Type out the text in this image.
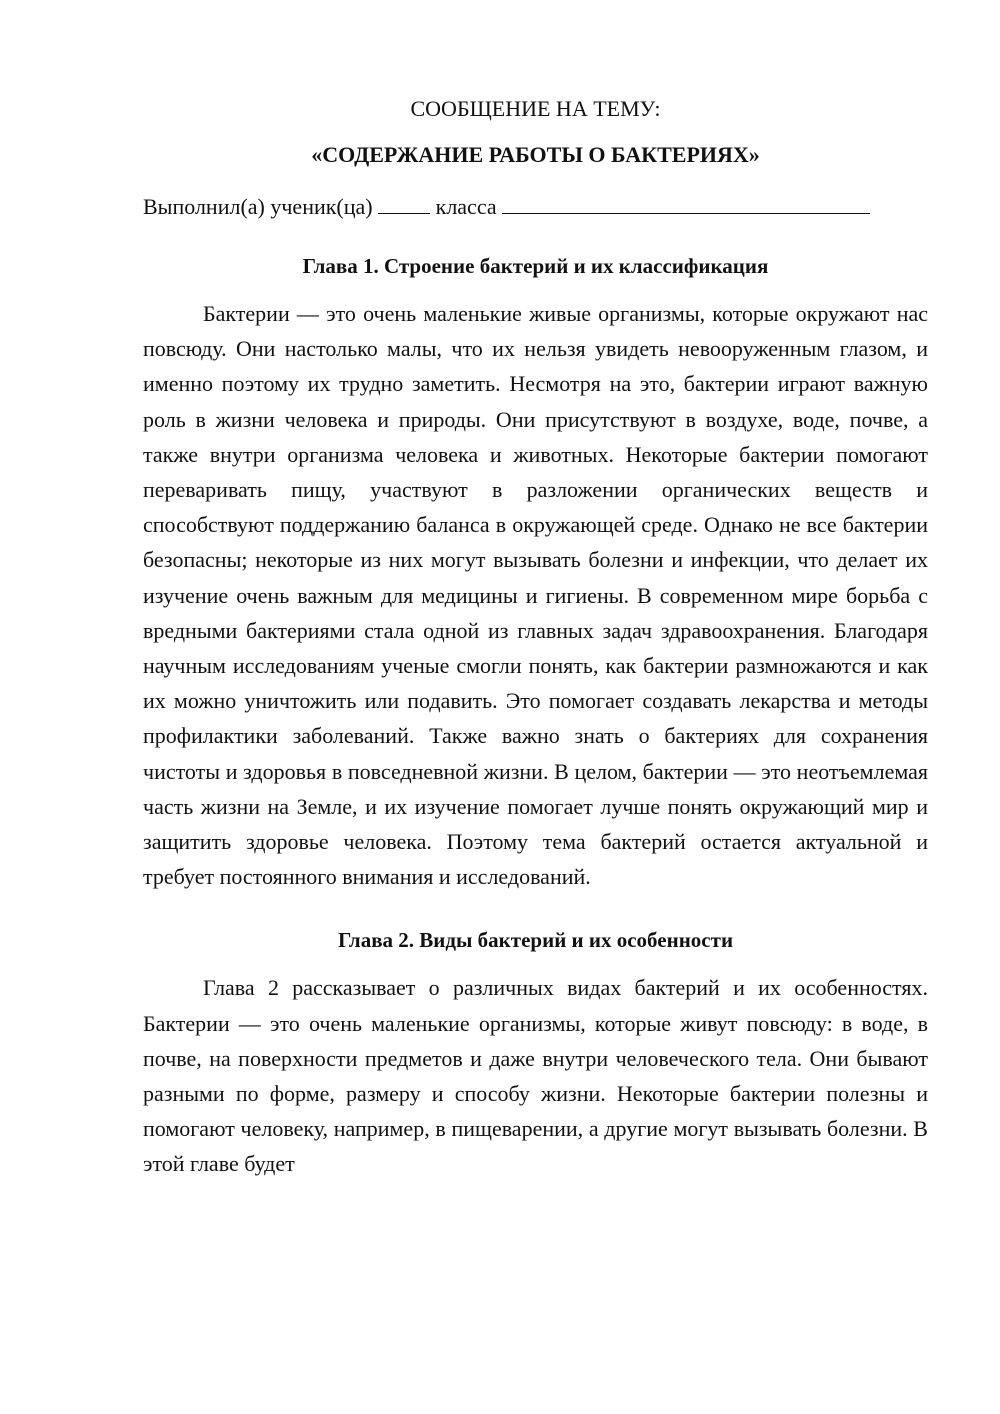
СООБЩЕНИЕ НА ТЕМУ:

«СОДЕРЖАНИЕ РАБОТЫ О БАКТЕРИЯХ»

Выполнил(а) ученик(ца)	класса
Глава 1. Строение бактерий и их классификация

Бактерии — это очень маленькие живые организмы, которые окружают нас повсюду. Они настолько малы, что их нельзя увидеть невооруженным глазом, и именно поэтому их трудно заметить. Несмотря на это, бактерии играют важную роль в жизни человека и природы. Они присутствуют в воздухе, воде, почве, а также внутри организма человека и животных. Некоторые бактерии помогают переваривать пищу, участвуют в разложении органических веществ и способствуют поддержанию баланса в окружающей среде. Однако не все бактерии безопасны; некоторые из них могут вызывать болезни и инфекции, что делает их изучение очень важным для медицины и гигиены. В современном мире борьба с вредными бактериями стала одной из главных задач здравоохранения. Благодаря научным исследованиям ученые смогли понять, как бактерии размножаются и как их можно уничтожить или подавить. Это помогает создавать лекарства и методы профилактики заболеваний. Также важно знать о бактериях для сохранения чистоты и здоровья в повседневной жизни. В целом, бактерии — это неотъемлемая часть жизни на Земле, и их изучение помогает лучше понять окружающий мир и защитить здоровье человека. Поэтому тема бактерий остается актуальной и требует постоянного внимания и исследований.

Глава 2. Виды бактерий и их особенности

Глава 2 рассказывает о различных видах бактерий и их особенностях. Бактерии — это очень маленькие организмы, которые живут повсюду: в воде, в почве, на поверхности предметов и даже внутри человеческого тела. Они бывают разными по форме, размеру и способу жизни. Некоторые бактерии полезны и помогают человеку, например, в пищеварении, а другие могут вызывать болезни. В этой главе будет
